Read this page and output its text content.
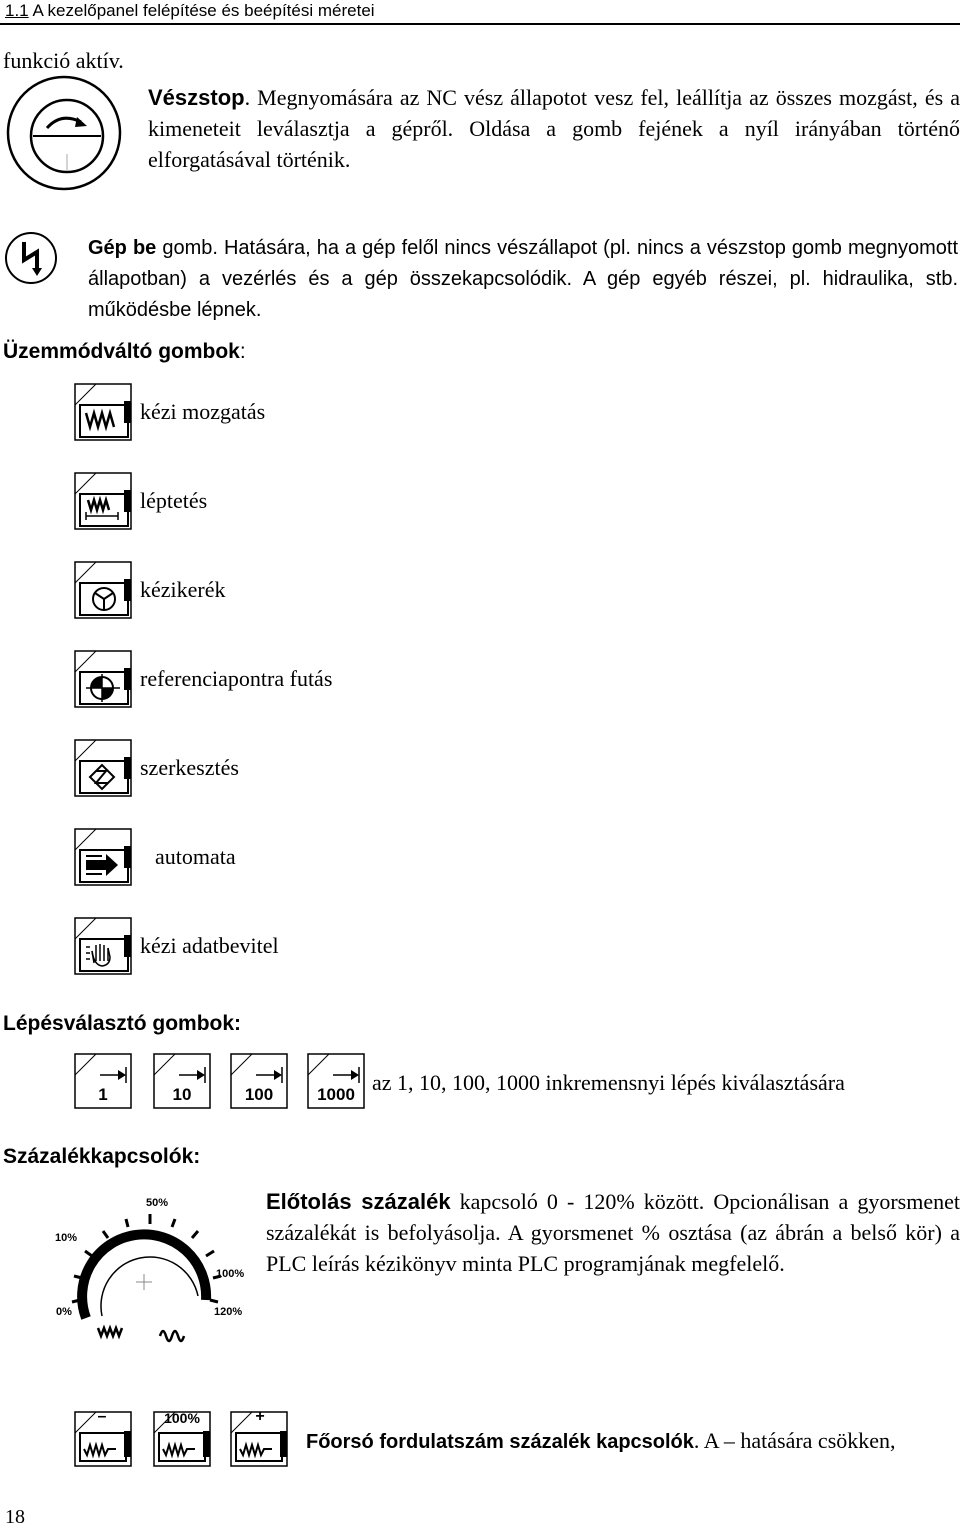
1.1 A kezelőpanel felépítése és beépítési méretei
funkció aktív.
Vészstop. Megnyomására az NC vész állapotot vesz fel, leállítja az összes mozgást, és a kimeneteit leválasztja a gépről. Oldása a gomb fejének a nyíl irányában történő elforgatásával történik.
Gép be gomb. Hatására, ha a gép felől nincs vészállapot (pl. nincs a vészstop gomb megnyomott állapotban) a vezérlés és a gép összekapcsolódik. A gép egyéb részei, pl. hidraulika, stb. működésbe lépnek.
Üzemmódváltó gombok:
kézi mozgatás
léptetés
kézikerék
referenciapontra futás
szerkesztés
automata
kézi adatbevitel
Lépésválasztó gombok:
1	10	100	1000 az 1, 10, 100, 1000 inkremensnyi lépés kiválasztására
Százalékkapcsolók:
10%
50%
100%
0%	120%
Előtolás százalék kapcsoló 0 - 120% között. Opcionálisan a gyorsmenet százalékát is befolyásolja. A gyorsmenet % osztása (az ábrán a belső kör) a PLC leírás kézikönyv minta PLC programjának megfelelő.
–	100%	+
Főorsó fordulatszám százalék kapcsolók. A – hatására csökken,
18
